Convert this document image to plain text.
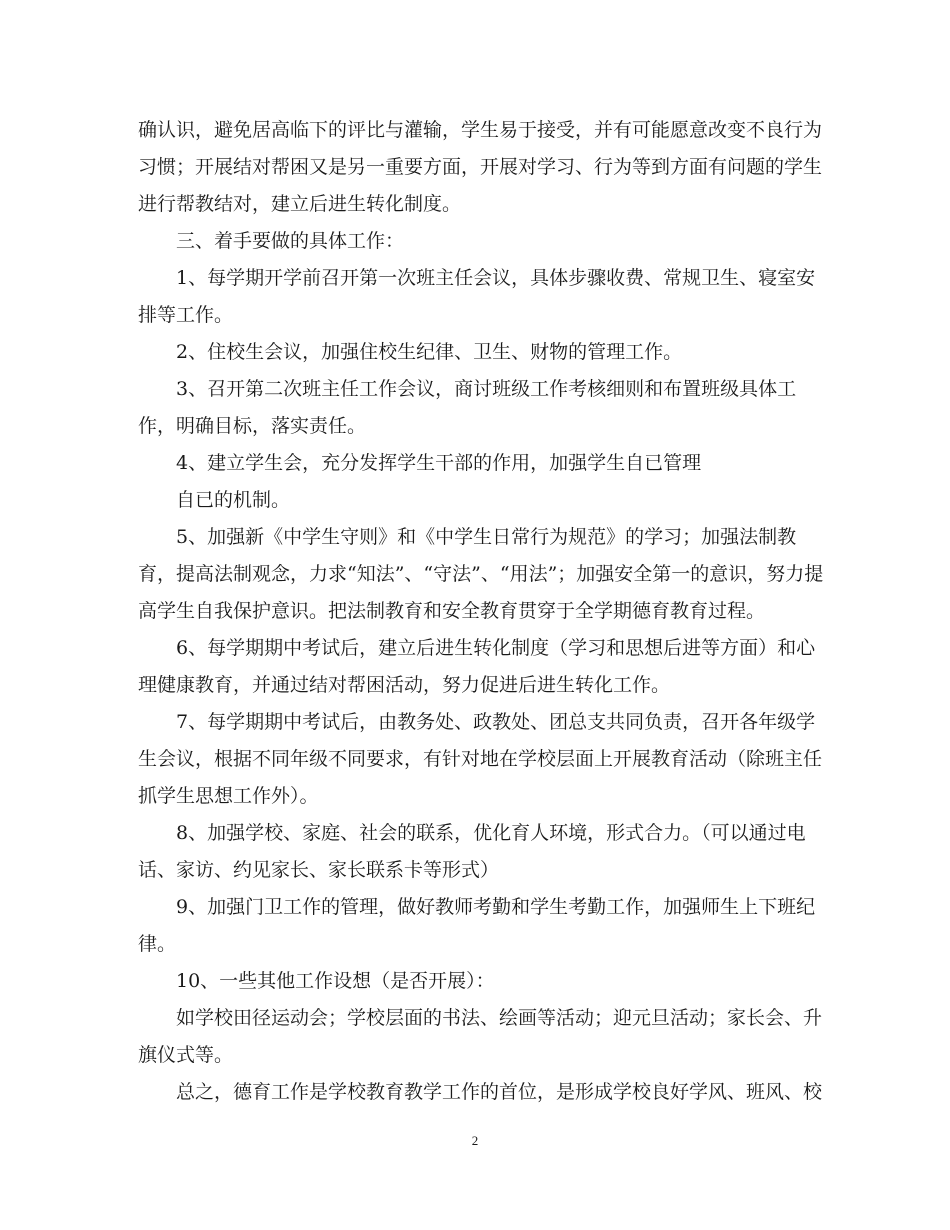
确认识，避免居高临下的评比与灌输，学生易于接受，并有可能愿意改变不良行为
习惯；开展结对帮困又是另一重要方面，开展对学习、行为等到方面有问题的学生
进行帮教结对，建立后进生转化制度。
三、着手要做的具体工作：
1、每学期开学前召开第一次班主任会议，具体步骤收费、常规卫生、寝室安
排等工作。
2、住校生会议，加强住校生纪律、卫生、财物的管理工作。
3、召开第二次班主任工作会议，商讨班级工作考核细则和布置班级具体工
作，明确目标，落实责任。
4、建立学生会，充分发挥学生干部的作用，加强学生自已管理
自已的机制。
5、加强新《中学生守则》和《中学生日常行为规范》的学习；加强法制教
育，提高法制观念，力求“知法”、“守法”、“用法”；加强安全第一的意识，努力提
高学生自我保护意识。把法制教育和安全教育贯穿于全学期德育教育过程。
6、每学期期中考试后，建立后进生转化制度（学习和思想后进等方面）和心
理健康教育，并通过结对帮困活动，努力促进后进生转化工作。
7、每学期期中考试后，由教务处、政教处、团总支共同负责，召开各年级学
生会议，根据不同年级不同要求，有针对地在学校层面上开展教育活动（除班主任
抓学生思想工作外）。
8、加强学校、家庭、社会的联系，优化育人环境，形式合力。（可以通过电
话、家访、约见家长、家长联系卡等形式）
9、加强门卫工作的管理，做好教师考勤和学生考勤工作，加强师生上下班纪
律。
10、一些其他工作设想（是否开展）：
如学校田径运动会；学校层面的书法、绘画等活动；迎元旦活动；家长会、升
旗仪式等。
总之，德育工作是学校教育教学工作的首位，是形成学校良好学风、班风、校
2
